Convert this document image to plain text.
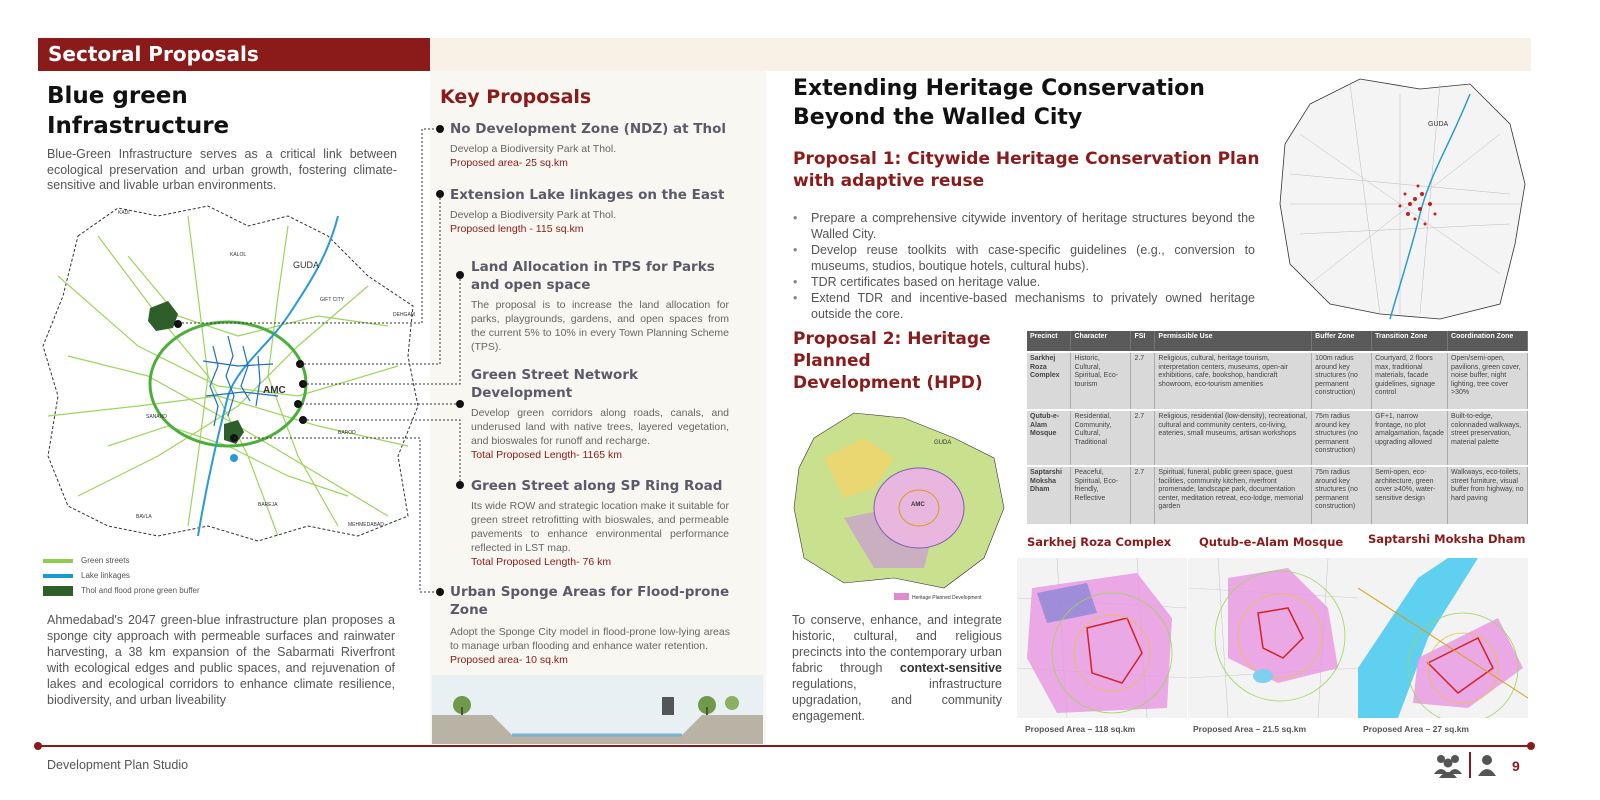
Sectoral Proposals
Blue green Infrastructure
Blue-Green Infrastructure serves as a critical link between ecological preservation and urban growth, fostering climate-sensitive and livable urban environments.
KADI
KALOL
GUDA
GIFT CITY
DEHGAM
AMC
SANAND
BAROD
BAREJA
BAVLA
MEHMEDABAD
Green streets
Lake linkages
Thol and flood prone green buffer
Ahmedabad's 2047 green-blue infrastructure plan proposes a sponge city approach with permeable surfaces and rainwater harvesting, a 38 km expansion of the Sabarmati Riverfront with ecological edges and public spaces, and rejuvenation of lakes and ecological corridors to enhance climate resilience, biodiversity, and urban liveability
Key Proposals
No Development Zone (NDZ) at Thol

Develop a Biodiversity Park at Thol.

Proposed area- 25 sq.km
Extension Lake linkages on the East

Develop a Biodiversity Park at Thol.

Proposed length - 115 sq.km
Land Allocation in TPS for Parks and open space

The proposal is to increase the land allocation for parks, playgrounds, gardens, and open spaces from the current 5% to 10% in every Town Planning Scheme (TPS).

Green Street Network Development

Develop green corridors along roads, canals, and underused land with native trees, layered vegetation, and bioswales for runoff and recharge.

Total Proposed Length- 1165 km
Green Street along SP Ring Road

Its wide ROW and strategic location make it suitable for green street retrofitting with bioswales, and permeable pavements to enhance environmental performance reflected in LST map.

Total Proposed Length- 76 km
Urban Sponge Areas for Flood-prone Zone

Adopt the Sponge City model in flood-prone low-lying areas to manage urban flooding and enhance water retention.

Proposed area- 10 sq.km
Extending Heritage Conservation Beyond the Walled City
Proposal 1: Citywide Heritage Conservation Plan with adaptive reuse
• Prepare a comprehensive citywide inventory of heritage structures beyond the Walled City.
• Develop reuse toolkits with case-specific guidelines (e.g., conversion to museums, studios, boutique hotels, cultural hubs).
• TDR certificates based on heritage value.
• Extend TDR and incentive-based mechanisms to privately owned heritage outside the core.
GUDA
Proposal 2: Heritage Planned Development (HPD)
Heritage Planned Development
GUDA
AMC
To conserve, enhance, and integrate historic, cultural, and religious precincts into the contemporary urban fabric through context-sensitive regulations, infrastructure upgradation, and community engagement.
Precinct	Character	FSI	Permissible Use	Buffer Zone	Transition Zone	Coordination Zone
Sarkhej Roza Complex	Historic, Cultural, Spiritual, Eco-tourism	2.7	Religious, cultural, heritage tourism, interpretation centers, museums, open-air exhibitions, cafe, bookshop, handicraft showroom, eco-tourism amenities	100m radius around key structures (no permanent construction)	Courtyard, 2 floors max, traditional materials, facade guidelines, signage control	Open/semi-open, pavilions, green cover, noise buffer, night lighting, tree cover >30%
Qutub-e-Alam Mosque	Residential, Community, Cultural, Traditional	2.7	Religious, residential (low-density), recreational, cultural and community centers, co-living, eateries, small museums, artisan workshops	75m radius around key structures (no permanent construction)	GF+1, narrow frontage, no plot amalgamation, façade upgrading allowed	Built-to-edge, colonnaded walkways, street preservation, material palette
Saptarshi Moksha Dham	Peaceful, Spiritual, Eco-friendly, Reflective	2.7	Spiritual, funeral, public green space, guest facilities, community kitchen, riverfront promenade, landscape park, documentation center, meditation retreat, eco-lodge, memorial garden	75m radius around key structures (no permanent construction)	Semi-open, eco-architecture, green cover ≥40%, water-sensitive design	Walkways, eco-toilets, street furniture, visual buffer from highway, no hard paving
Sarkhej Roza Complex Qutub-e-Alam Mosque Saptarshi Moksha Dham
Proposed Area – 118 sq.km	Proposed Area – 21.5 sq.km	Proposed Area – 27 sq.km
Development Plan Studio	9
